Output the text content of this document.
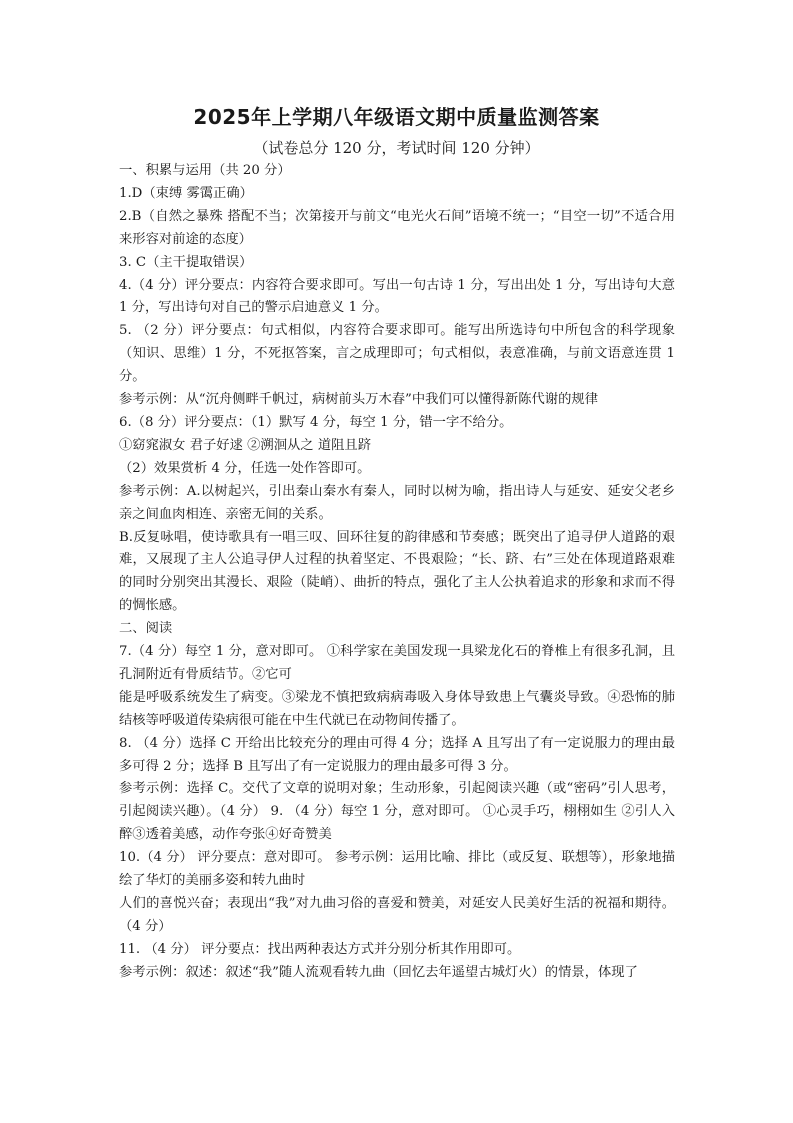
2025年上学期八年级语文期中质量监测答案
（试卷总分 120 分，考试时间 120 分钟）

一、积累与运用（共 20 分）

1.D（束缚 雾霭正确）

2.B（自然之暴殊 搭配不当；次第接开与前文“电光火石间”语境不统一；“目空一切”不适合用来形容对前途的态度）

3. C（主干提取错误）

4.（4 分）评分要点：内容符合要求即可。写出一句古诗 1 分，写出出处 1 分，写出诗句大意 1 分，写出诗句对自己的警示启迪意义 1 分。

5. （2 分）评分要点：句式相似，内容符合要求即可。能写出所选诗句中所包含的科学现象（知识、思维）1 分，不死抠答案，言之成理即可；句式相似，表意准确，与前文语意连贯 1 分。

参考示例：从“沉舟侧畔千帆过，病树前头万木春”中我们可以懂得新陈代谢的规律

6.（8 分）评分要点：（1）默写 4 分，每空 1 分，错一字不给分。

①窈窕淑女 君子好逑 ②溯洄从之 道阻且跻

（2）效果赏析 4 分，任选一处作答即可。

参考示例：A.以树起兴，引出秦山秦水有秦人，同时以树为喻，指出诗人与延安、延安父老乡亲之间血肉相连、亲密无间的关系。

B.反复咏唱，使诗歌具有一唱三叹、回环往复的韵律感和节奏感；既突出了追寻伊人道路的艰难，又展现了主人公追寻伊人过程的执着坚定、不畏艰险；“长、跻、右”三处在体现道路艰难的同时分别突出其漫长、艰险（陡峭）、曲折的特点，强化了主人公执着追求的形象和求而不得的惆怅感。

二、阅读

7.（4 分）每空 1 分，意对即可。 ①科学家在美国发现一具梁龙化石的脊椎上有很多孔洞，且孔洞附近有骨质结节。②它可

能是呼吸系统发生了病变。③梁龙不慎把致病病毒吸入身体导致患上气囊炎导致。④恐怖的肺结核等呼吸道传染病很可能在中生代就已在动物间传播了。

8. （4 分）选择 C 开给出比较充分的理由可得 4 分；选择 A 且写出了有一定说服力的理由最多可得 2 分；选择 B 且写出了有一定说服力的理由最多可得 3 分。

参考示例：选择 C。交代了文章的说明对象；生动形象，引起阅读兴趣（或“密码”引人思考，引起阅读兴趣）。（4 分） 9. （4 分）每空 1 分，意对即可。 ①心灵手巧，栩栩如生 ②引人入醉③透着美感，动作夸张④好奇赞美

10.（4 分） 评分要点：意对即可。 参考示例：运用比喻、排比（或反复、联想等），形象地描绘了华灯的美丽多姿和转九曲时

人们的喜悦兴奋；表现出“我”对九曲习俗的喜爱和赞美，对延安人民美好生活的祝福和期待。（4 分）

11. （4 分） 评分要点：找出两种表达方式并分别分析其作用即可。

参考示例：叙述：叙述“我”随人流观看转九曲（回忆去年遥望古城灯火）的情景，体现了
